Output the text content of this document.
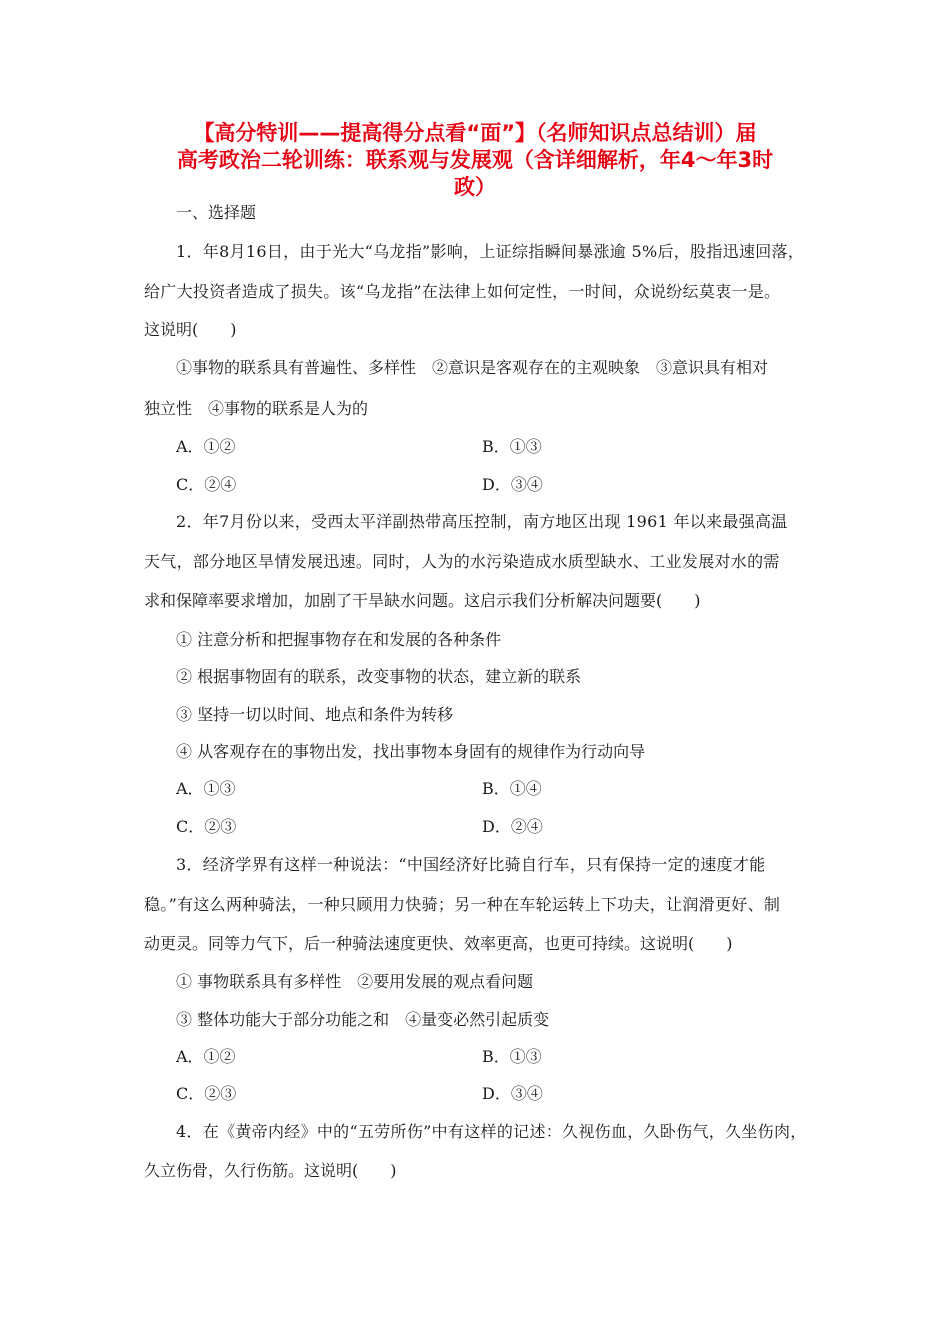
【高分特训——提高得分点看“面”】（名师知识点总结训）届
高考政治二轮训练：联系观与发展观（含详细解析，年4～年3时
政）
一、选择题
1．年8月16日，由于光大“乌龙指”影响，上证综指瞬间暴涨逾 5%后，股指迅速回落，
给广大投资者造成了损失。该“乌龙指”在法律上如何定性，一时间，众说纷纭莫衷一是。
这说明(　　)
①事物的联系具有普遍性、多样性　②意识是客观存在的主观映象　③意识具有相对
独立性　④事物的联系是人为的
A．①②	B．①③
C．②④	D．③④
2．年7月份以来，受西太平洋副热带高压控制，南方地区出现 1961 年以来最强高温
天气，部分地区旱情发展迅速。同时，人为的水污染造成水质型缺水、工业发展对水的需
求和保障率要求增加，加剧了干旱缺水问题。这启示我们分析解决问题要(　　)
① 注意分析和把握事物存在和发展的各种条件
② 根据事物固有的联系，改变事物的状态，建立新的联系
③ 坚持一切以时间、地点和条件为转移
④ 从客观存在的事物出发，找出事物本身固有的规律作为行动向导
A．①③	B．①④
C．②③	D．②④
3．经济学界有这样一种说法：“中国经济好比骑自行车，只有保持一定的速度才能
稳。”有这么两种骑法，一种只顾用力快骑；另一种在车轮运转上下功夫，让润滑更好、制
动更灵。同等力气下，后一种骑法速度更快、效率更高，也更可持续。这说明(　　)
① 事物联系具有多样性　②要用发展的观点看问题
③ 整体功能大于部分功能之和　④量变必然引起质变
A．①②	B．①③
C．②③	D．③④
4．在《黄帝内经》中的“五劳所伤”中有这样的记述：久视伤血，久卧伤气，久坐伤肉，
久立伤骨，久行伤筋。这说明(　　)
